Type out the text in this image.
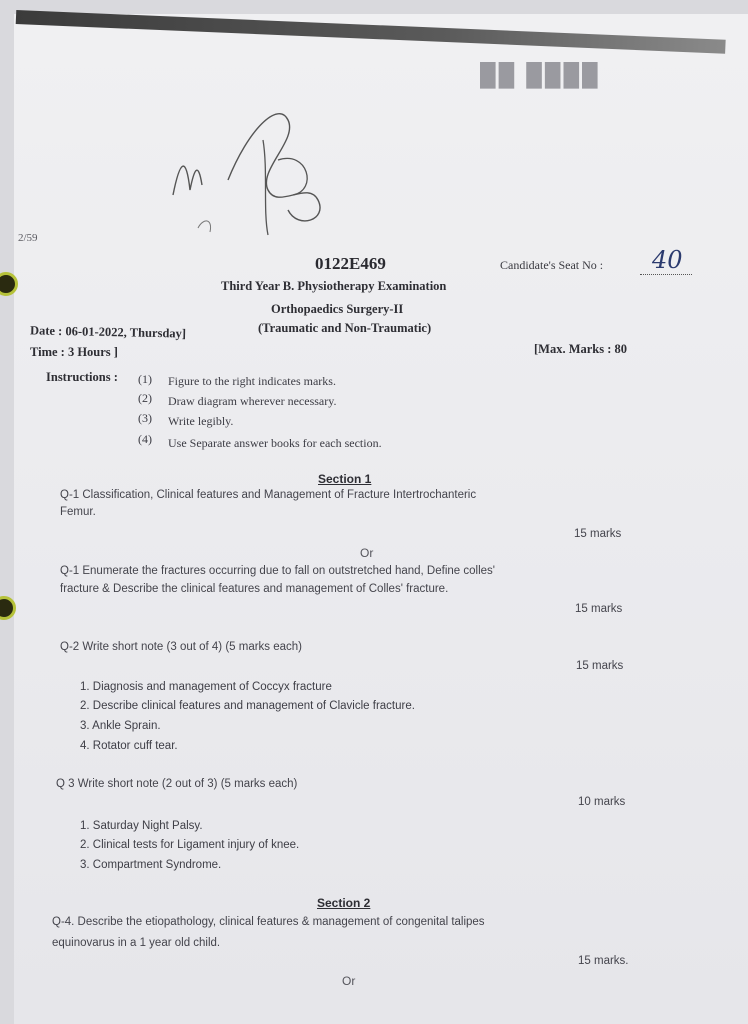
██ ████
2/59
0122E469	Candidate's Seat No : 40
Third Year B. Physiotherapy Examination
Orthopaedics Surgery-II
(Traumatic and Non-Traumatic)
Date : 06-01-2022, Thursday]
Time : 3 Hours ]	[Max. Marks : 80
Instructions : (1) Figure to the right indicates marks.
(2) Draw diagram wherever necessary.
(3) Write legibly.
(4) Use Separate answer books for each section.
Section 1
Q-1 Classification, Clinical features and Management of Fracture Intertrochanteric
Femur.
15 marks
Or
Q-1 Enumerate the fractures occurring due to fall on outstretched hand, Define colles'
fracture & Describe the clinical features and management of Colles' fracture.
15 marks
Q-2 Write short note (3 out of 4) (5 marks each)
15 marks
1. Diagnosis and management of Coccyx fracture
2. Describe clinical features and management of Clavicle fracture.
3. Ankle Sprain.
4. Rotator cuff tear.
Q 3 Write short note (2 out of 3) (5 marks each)
10 marks
1. Saturday Night Palsy.
2. Clinical tests for Ligament injury of knee.
3. Compartment Syndrome.
Section 2
Q-4. Describe the etiopathology, clinical features & management of congenital talipes
equinovarus in a 1 year old child.
15 marks.
Or
